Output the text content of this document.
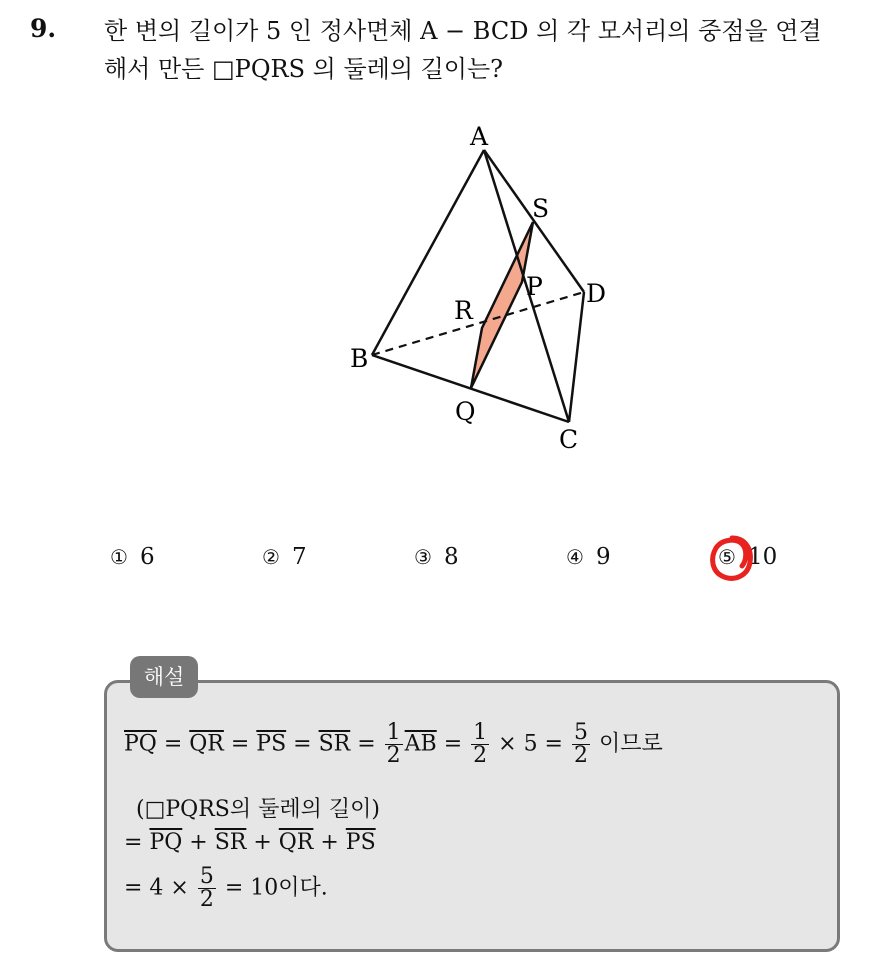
9. 한 변의 길이가 5 인 정사면체 A − BCD 의 각 모서리의 중점을 연결
해서 만든 □PQRS 의 둘레의 길이는?
A
S
P D
R
B
Q
C
① 6	② 7	③ 8	④ 9	⑤ 10
해설
$\overline{PQ} = \overline{QR} = \overline{PS} = \overline{SR} = \frac{1}{2} \overline{AB} = \frac{1}{2} \times 5 = \frac{5}{2}$ 이므로
(□PQRS의 둘레의 길이)
= $\overline{PQ} + \overline{SR} + \overline{QR} + \overline{PS}$
= $4 \times \frac{5}{2} = 10$이다.
